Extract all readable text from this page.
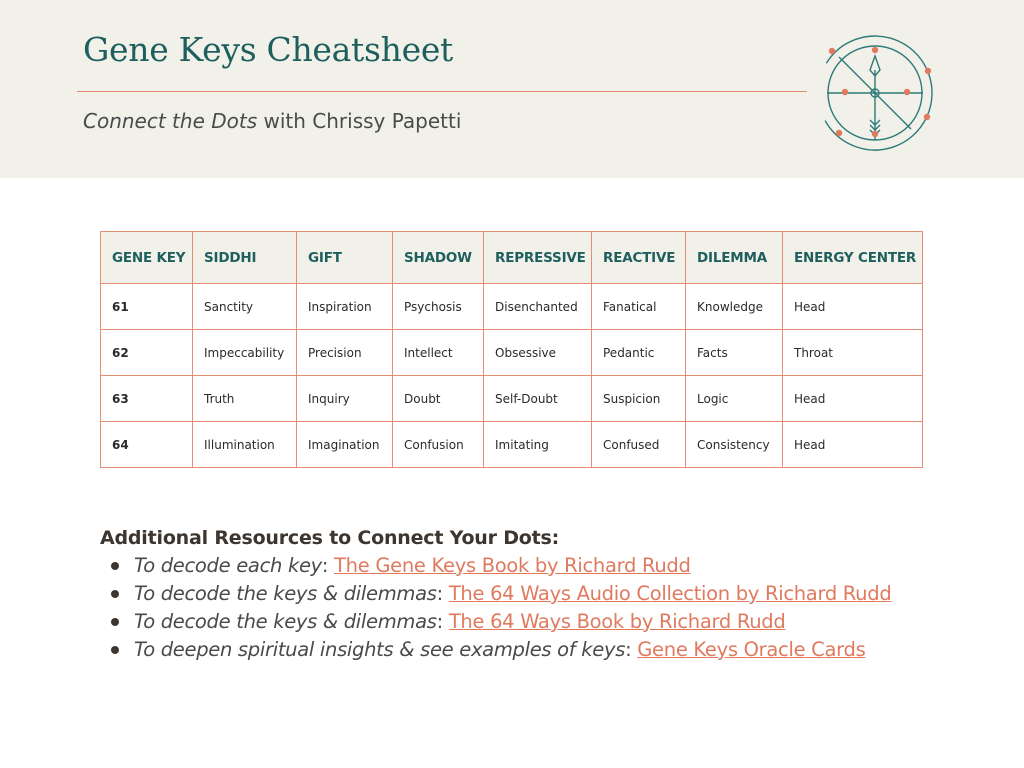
Gene Keys Cheatsheet
Connect the Dots with Chrissy Papetti
GENE KEY	SIDDHI	GIFT	SHADOW	REPRESSIVE	REACTIVE	DILEMMA	ENERGY CENTER
61	Sanctity	Inspiration	Psychosis	Disenchanted	Fanatical	Knowledge	Head
62	Impeccability	Precision	Intellect	Obsessive	Pedantic	Facts	Throat
63	Truth	Inquiry	Doubt	Self-Doubt	Suspicion	Logic	Head
64	Illumination	Imagination	Confusion	Imitating	Confused	Consistency	Head
Additional Resources to Connect Your Dots:
To decode each key: The Gene Keys Book by Richard Rudd
To decode the keys & dilemmas: The 64 Ways Audio Collection by Richard Rudd
To decode the keys & dilemmas: The 64 Ways Book by Richard Rudd
To deepen spiritual insights & see examples of keys: Gene Keys Oracle Cards
